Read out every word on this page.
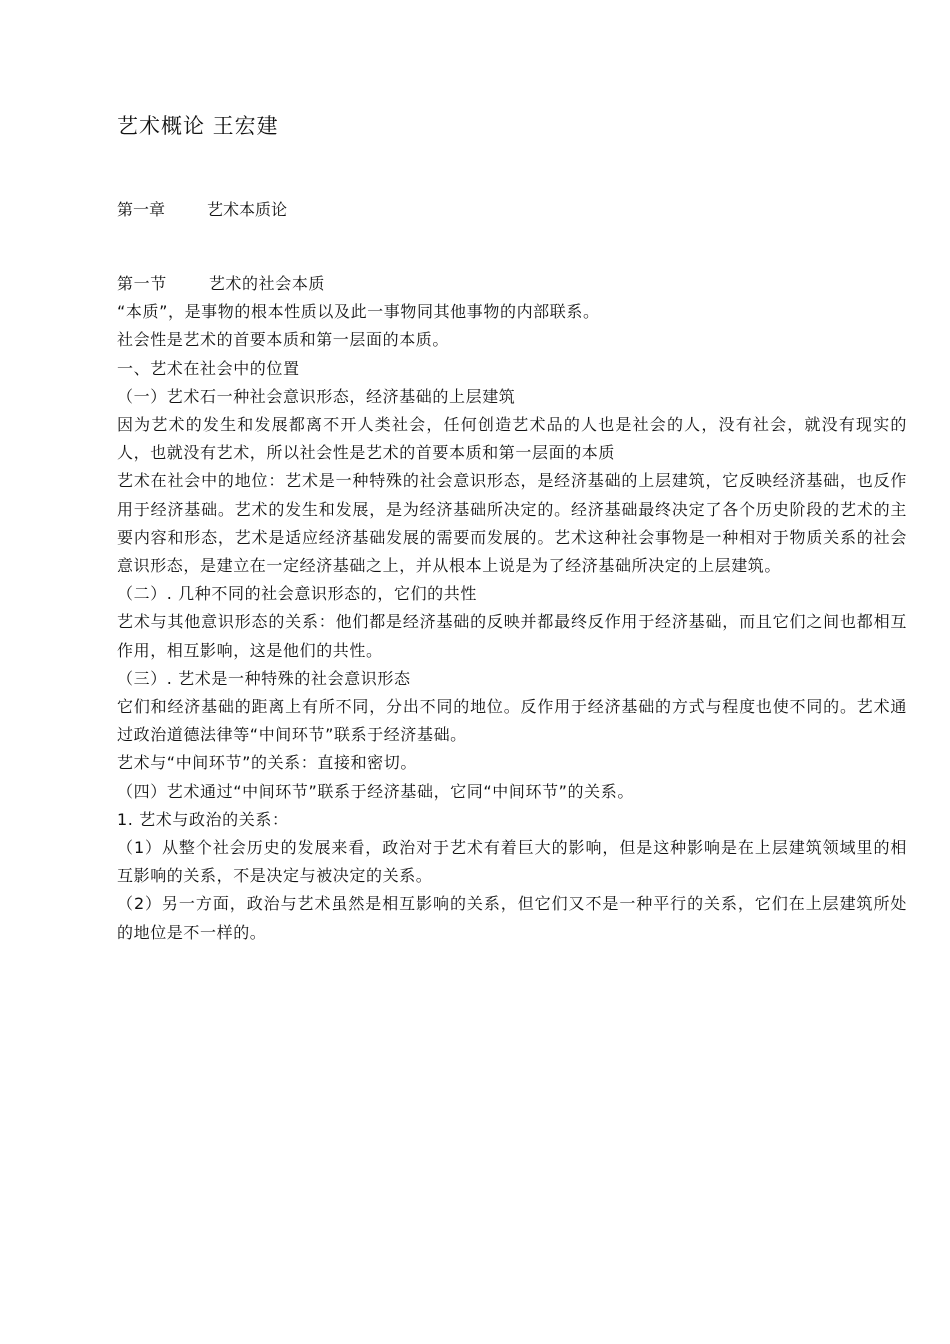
艺术概论 王宏建
第一章	艺术本质论

第一节	艺术的社会本质

“本质”，是事物的根本性质以及此一事物同其他事物的内部联系。

社会性是艺术的首要本质和第一层面的本质。

一、艺术在社会中的位置

（一）艺术石一种社会意识形态，经济基础的上层建筑

因为艺术的发生和发展都离不开人类社会，任何创造艺术品的人也是社会的人，没有社会，就没有现实的人，也就没有艺术，所以社会性是艺术的首要本质和第一层面的本质

艺术在社会中的地位：艺术是一种特殊的社会意识形态，是经济基础的上层建筑，它反映经济基础，也反作用于经济基础。艺术的发生和发展，是为经济基础所决定的。经济基础最终决定了各个历史阶段的艺术的主要内容和形态，艺术是适应经济基础发展的需要而发展的。艺术这种社会事物是一种相对于物质关系的社会意识形态，是建立在一定经济基础之上，并从根本上说是为了经济基础所决定的上层建筑。

（二）. 几种不同的社会意识形态的，它们的共性

艺术与其他意识形态的关系：他们都是经济基础的反映并都最终反作用于经济基础，而且它们之间也都相互作用，相互影响，这是他们的共性。

（三）. 艺术是一种特殊的社会意识形态

它们和经济基础的距离上有所不同，分出不同的地位。反作用于经济基础的方式与程度也使不同的。艺术通过政治道德法律等“中间环节”联系于经济基础。

艺术与“中间环节”的关系：直接和密切。

（四）艺术通过“中间环节”联系于经济基础，它同“中间环节”的关系。

1. 艺术与政治的关系：

（1）从整个社会历史的发展来看，政治对于艺术有着巨大的影响，但是这种影响是在上层建筑领域里的相互影响的关系，不是决定与被决定的关系。

（2）另一方面，政治与艺术虽然是相互影响的关系，但它们又不是一种平行的关系，它们在上层建筑所处的地位是不一样的。
